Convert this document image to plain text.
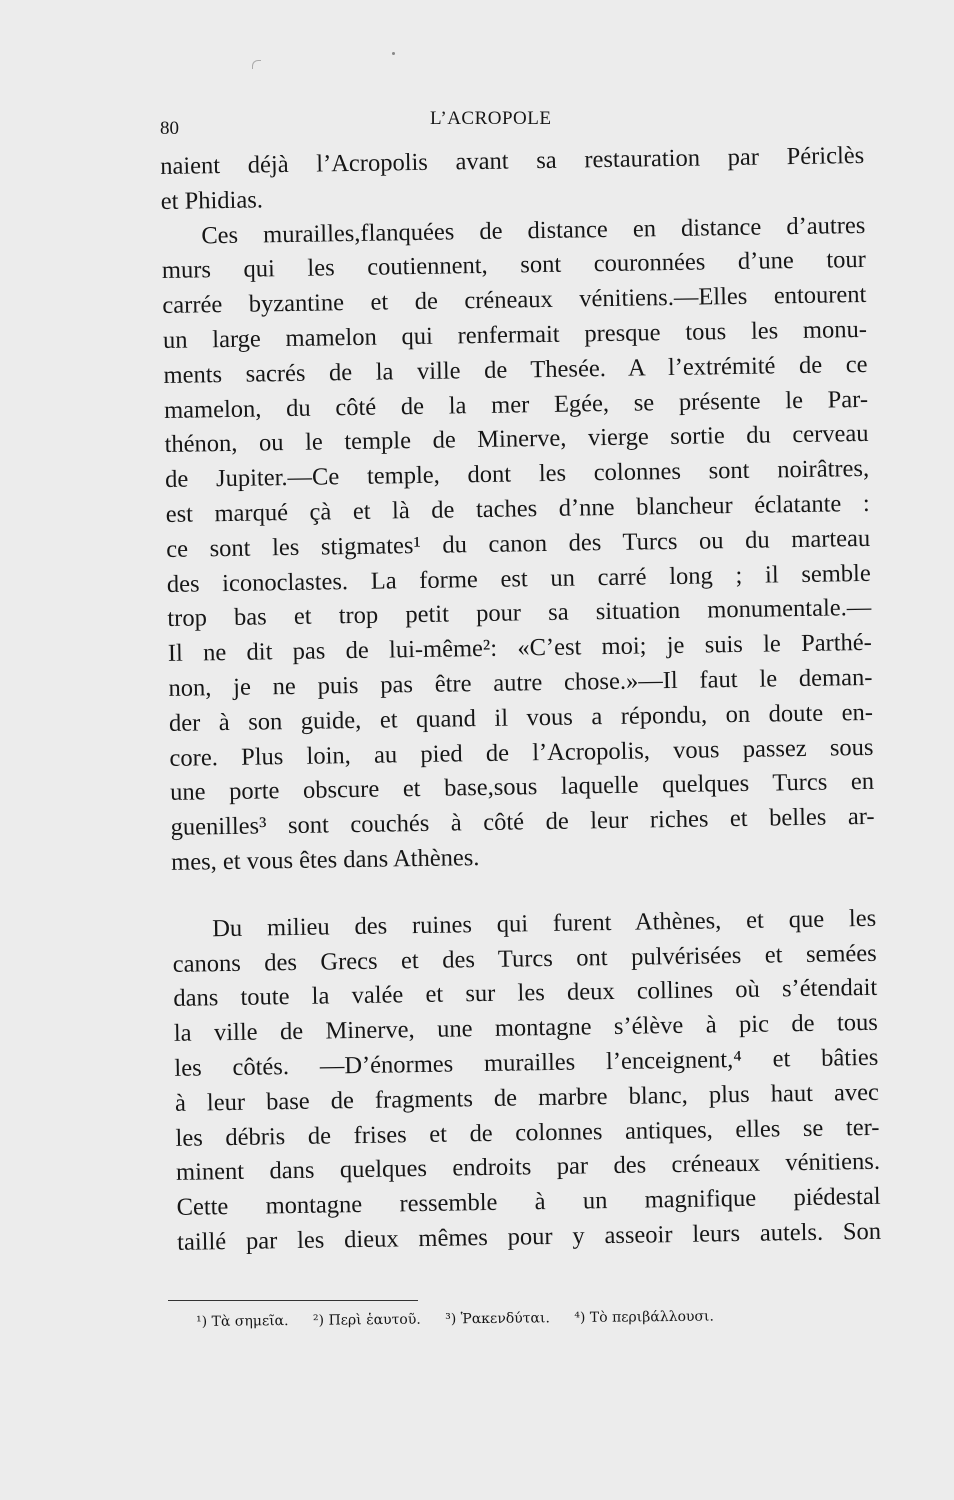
80	L’ACROPOLE
naient déjà l’Acropolis avant sa restauration par Périclès
et Phidias.
Ces murailles,flanquées de distance en distance d’autres
murs qui les coutiennent, sont couronnées d’une tour
carrée byzantine et de créneaux vénitiens.—Elles entourent
un large mamelon qui renfermait presque tous les monu-
ments sacrés de la ville de Thesée. A l’extrémité de ce
mamelon, du côté de la mer Egée, se présente le Par-
thénon, ou le temple de Minerve, vierge sortie du cerveau
de Jupiter.—Ce temple, dont les colonnes sont noirâtres,
est marqué çà et là de taches d’nne blancheur éclatante :
ce sont les stigmates¹ du canon des Turcs ou du marteau
des iconoclastes. La forme est un carré long ; il semble
trop bas et trop petit pour sa situation monumentale.—
Il ne dit pas de lui-même²: «C’est moi; je suis le Parthé-
non, je ne puis pas être autre chose.»—Il faut le deman-
der à son guide, et quand il vous a répondu, on doute en-
core. Plus loin, au pied de l’Acropolis, vous passez sous
une porte obscure et base,sous laquelle quelques Turcs en
guenilles³ sont couchés à côté de leur riches et belles ar-
mes, et vous êtes dans Athènes.
Du milieu des ruines qui furent Athènes, et que les
canons des Grecs et des Turcs ont pulvérisées et semées
dans toute la valée et sur les deux collines où s’étendait
la ville de Minerve, une montagne s’élève à pic de tous
les côtés. —D’énormes murailles l’enceignent,⁴ et bâties
à leur base de fragments de marbre blanc, plus haut avec
les débris de frises et de colonnes antiques, elles se ter-
minent dans quelques endroits par des créneaux vénitiens.
Cette montagne ressemble à un magnifique piédestal
taillé par les dieux mêmes pour y asseoir leurs autels. Son
¹) Τὰ σημεῖα. ²) Περὶ ἑαυτοῦ. ³) Ῥακενδύται. ⁴) Τὸ περιβάλλουσι.
